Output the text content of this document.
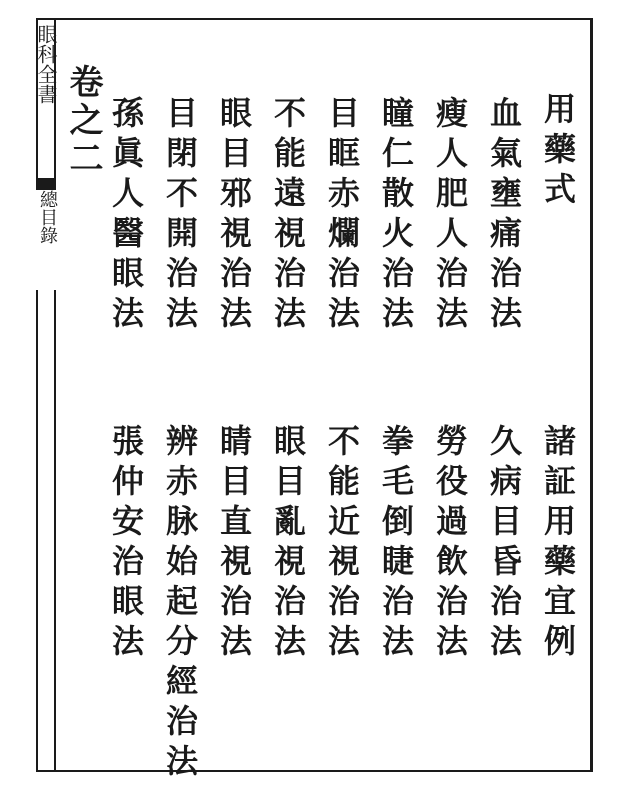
眼科全書
總目錄
卷之二	用藥式
諸証用藥宜例
血氣壅痛治法
久病目昏治法
瘦人肥人治法
勞役過飲治法
瞳仁散火治法
拳毛倒睫治法
目眶赤爛治法
不能近視治法
不能遠視治法
眼目亂視治法
眼目邪視治法
睛目直視治法
目閉不開治法
辨赤脉始起分經治法
孫眞人醫眼法
張仲安治眼法
